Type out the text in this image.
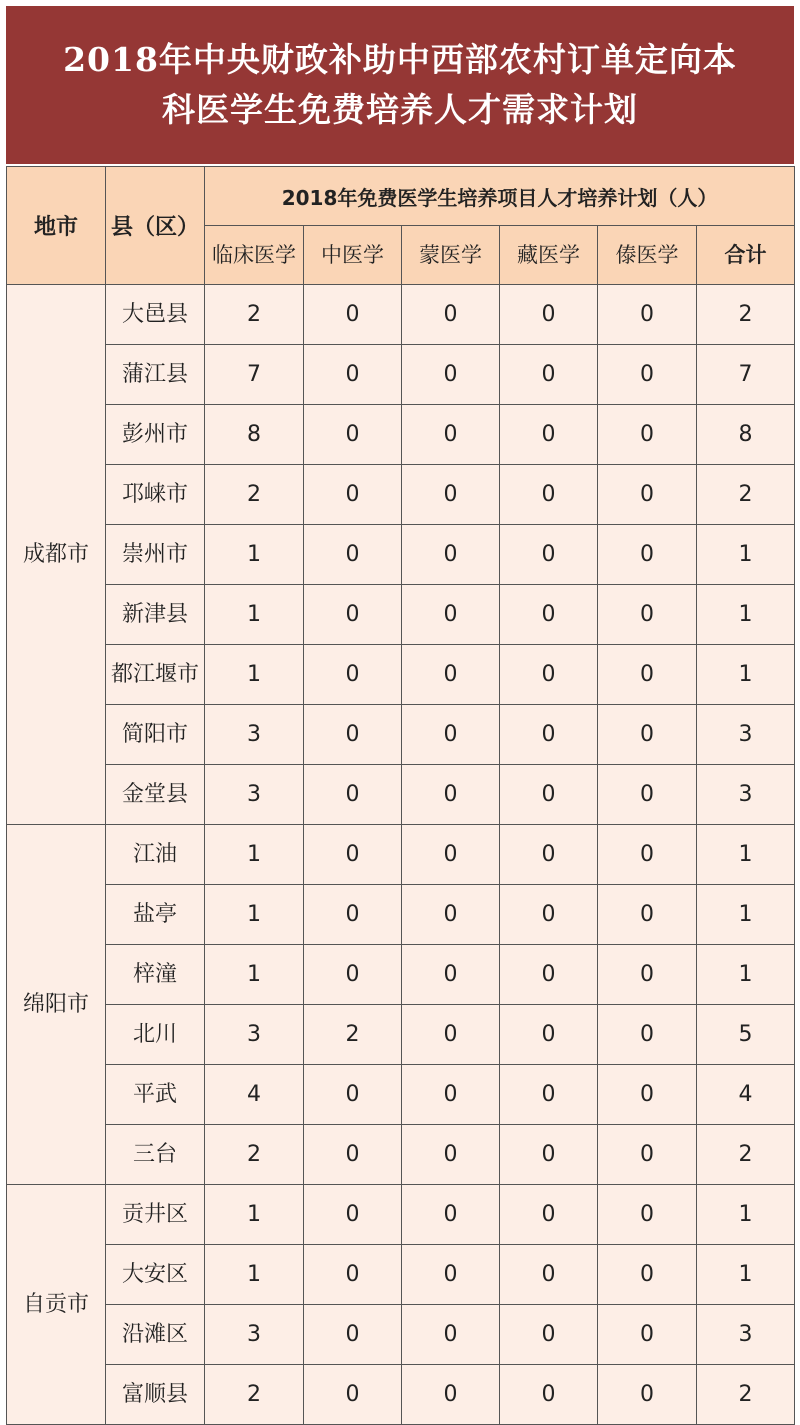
2018年中央财政补助中西部农村订单定向本
科医学生免费培养人才需求计划
地市	县（区）	2018年免费医学生培养项目人才培养计划（人）					
		临床医学	中医学	蒙医学	藏医学	傣医学	合计
成都市	大邑县	2	0	0	0	0	2
	蒲江县	7	0	0	0	0	7
	彭州市	8	0	0	0	0	8
	邛崃市	2	0	0	0	0	2
	崇州市	1	0	0	0	0	1
	新津县	1	0	0	0	0	1
	都江堰市	1	0	0	0	0	1
	简阳市	3	0	0	0	0	3
	金堂县	3	0	0	0	0	3
绵阳市	江油	1	0	0	0	0	1
	盐亭	1	0	0	0	0	1
	梓潼	1	0	0	0	0	1
	北川	3	2	0	0	0	5
	平武	4	0	0	0	0	4
	三台	2	0	0	0	0	2
自贡市	贡井区	1	0	0	0	0	1
	大安区	1	0	0	0	0	1
	沿滩区	3	0	0	0	0	3
	富顺县	2	0	0	0	0	2
